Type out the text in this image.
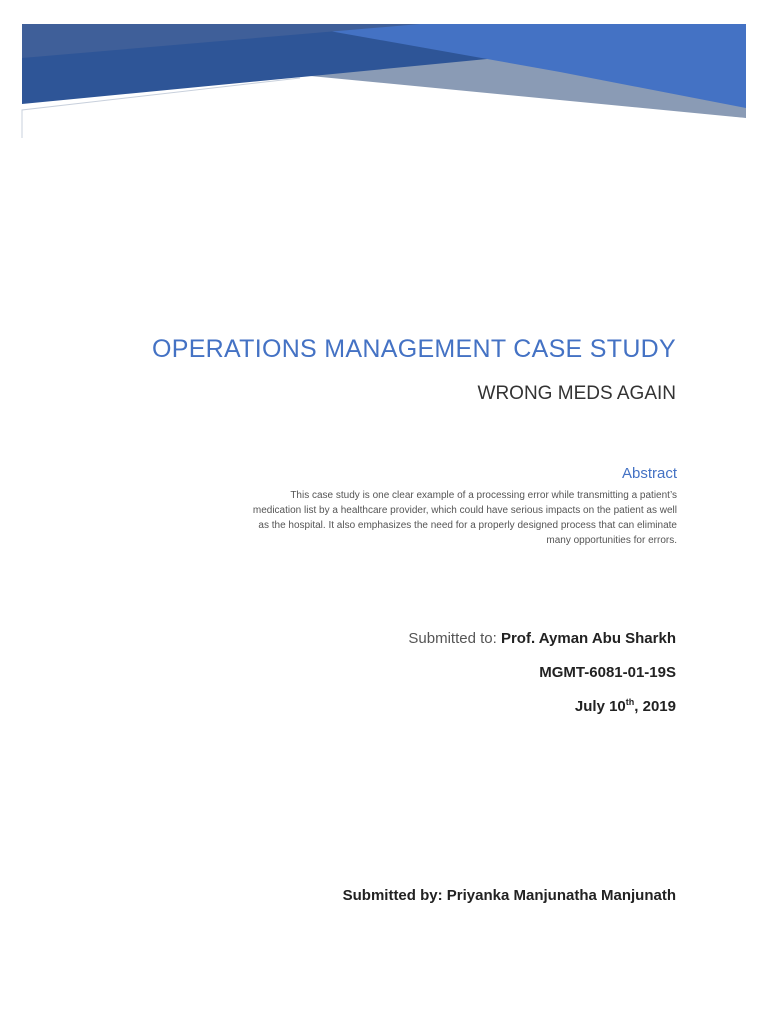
OPERATIONS MANAGEMENT CASE STUDY
WRONG MEDS AGAIN
Abstract
This case study is one clear example of a processing error while transmitting a patient’s
medication list by a healthcare provider, which could have serious impacts on the patient as well
as the hospital. It also emphasizes the need for a properly designed process that can eliminate
many opportunities for errors.
Submitted to: Prof. Ayman Abu Sharkh
MGMT-6081-01-19S
July 10th, 2019
Submitted by: Priyanka Manjunatha Manjunath
